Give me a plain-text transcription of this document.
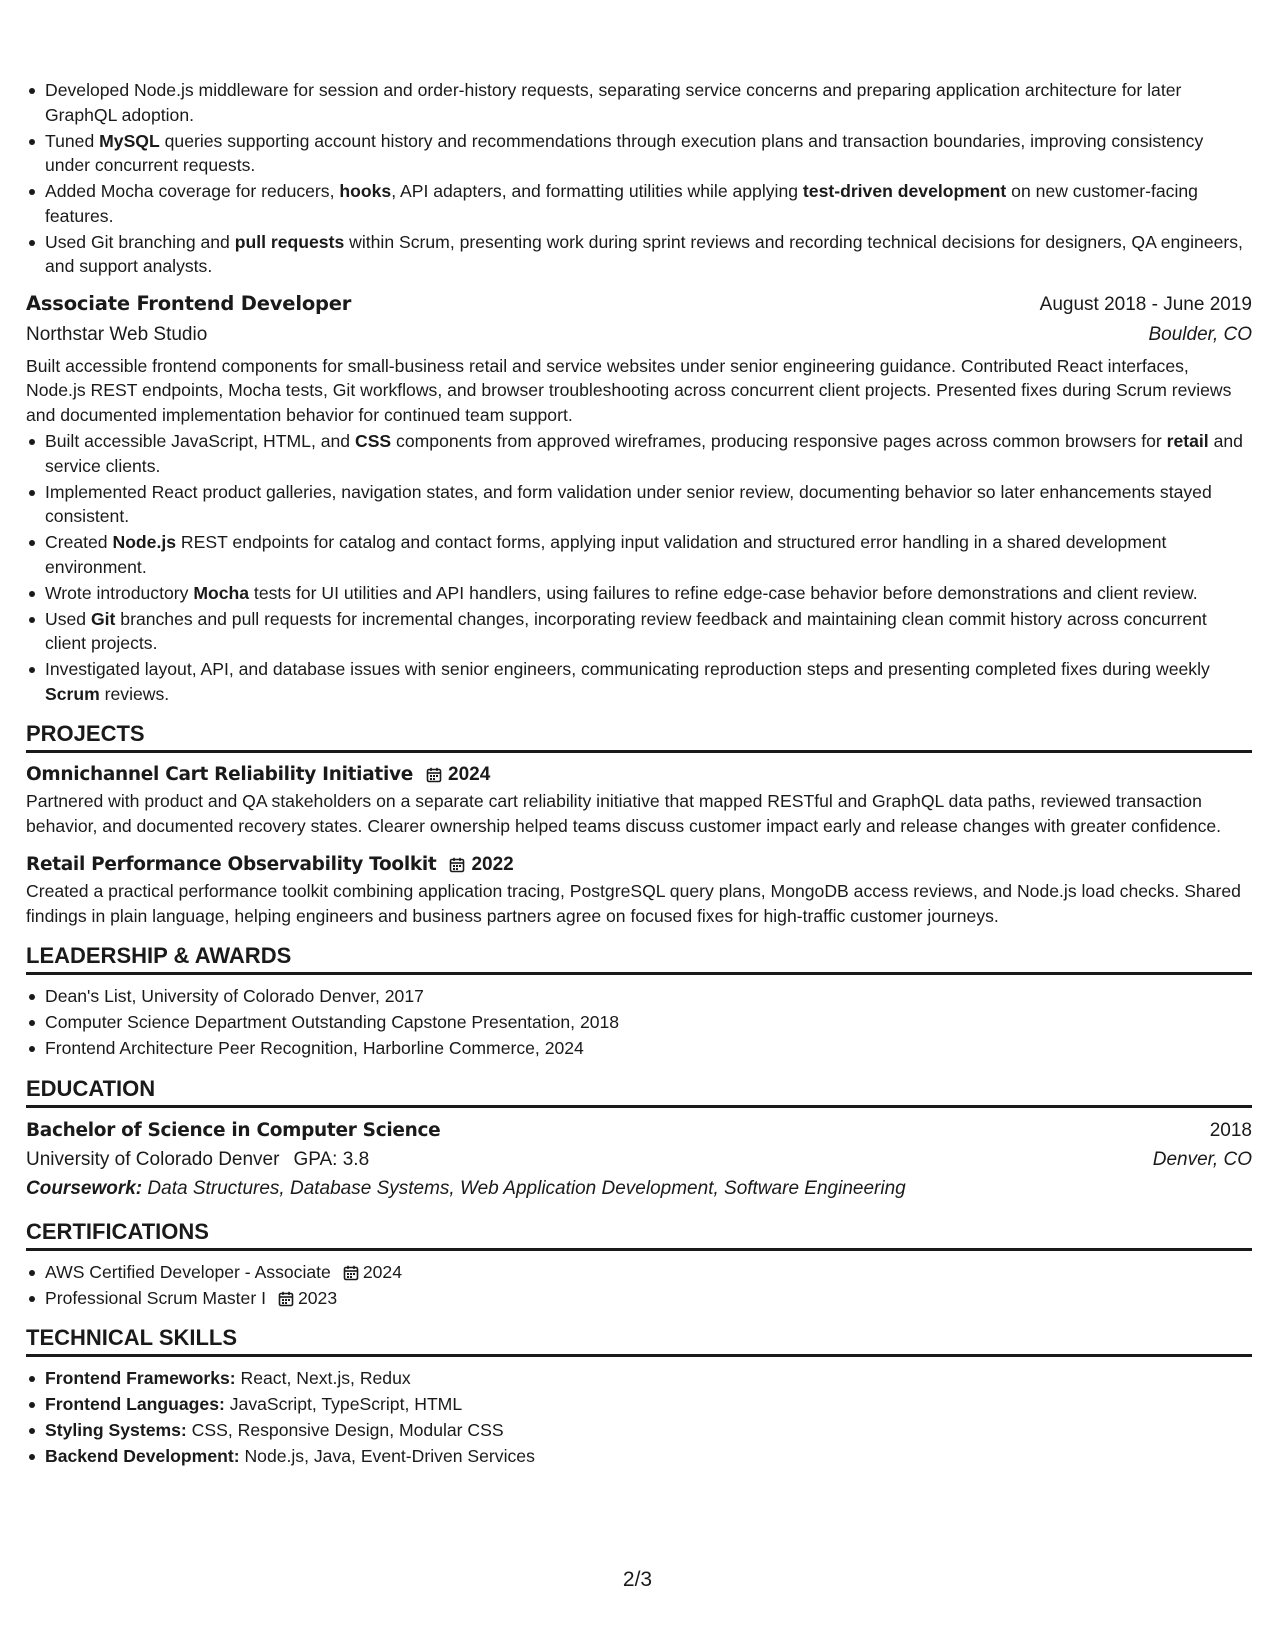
Developed Node.js middleware for session and order-history requests, separating service concerns and preparing application architecture for later GraphQL adoption.
Tuned MySQL queries supporting account history and recommendations through execution plans and transaction boundaries, improving consistency under concurrent requests.
Added Mocha coverage for reducers, hooks, API adapters, and formatting utilities while applying test-driven development on new customer-facing features.
Used Git branching and pull requests within Scrum, presenting work during sprint reviews and recording technical decisions for designers, QA engineers, and support analysts.
Associate Frontend Developer	August 2018 - June 2019
Northstar Web Studio	Boulder, CO
Built accessible frontend components for small-business retail and service websites under senior engineering guidance. Contributed React interfaces, Node.js REST endpoints, Mocha tests, Git workflows, and browser troubleshooting across concurrent client projects. Presented fixes during Scrum reviews and documented implementation behavior for continued team support.
Built accessible JavaScript, HTML, and CSS components from approved wireframes, producing responsive pages across common browsers for retail and service clients.
Implemented React product galleries, navigation states, and form validation under senior review, documenting behavior so later enhancements stayed consistent.
Created Node.js REST endpoints for catalog and contact forms, applying input validation and structured error handling in a shared development environment.
Wrote introductory Mocha tests for UI utilities and API handlers, using failures to refine edge-case behavior before demonstrations and client review.
Used Git branches and pull requests for incremental changes, incorporating review feedback and maintaining clean commit history across concurrent client projects.
Investigated layout, API, and database issues with senior engineers, communicating reproduction steps and presenting completed fixes during weekly Scrum reviews.
PROJECTS
Omnichannel Cart Reliability Initiative 2024
Partnered with product and QA stakeholders on a separate cart reliability initiative that mapped RESTful and GraphQL data paths, reviewed transaction behavior, and documented recovery states. Clearer ownership helped teams discuss customer impact early and release changes with greater confidence.
Retail Performance Observability Toolkit 2022
Created a practical performance toolkit combining application tracing, PostgreSQL query plans, MongoDB access reviews, and Node.js load checks. Shared findings in plain language, helping engineers and business partners agree on focused fixes for high-traffic customer journeys.
LEADERSHIP & AWARDS
Dean's List, University of Colorado Denver, 2017
Computer Science Department Outstanding Capstone Presentation, 2018
Frontend Architecture Peer Recognition, Harborline Commerce, 2024
EDUCATION
Bachelor of Science in Computer Science	2018
University of Colorado Denver GPA: 3.8	Denver, CO
Coursework: Data Structures, Database Systems, Web Application Development, Software Engineering
CERTIFICATIONS
AWS Certified Developer - Associate 2024
Professional Scrum Master I 2023
TECHNICAL SKILLS
Frontend Frameworks: React, Next.js, Redux
Frontend Languages: JavaScript, TypeScript, HTML
Styling Systems: CSS, Responsive Design, Modular CSS
Backend Development: Node.js, Java, Event-Driven Services
2/3
